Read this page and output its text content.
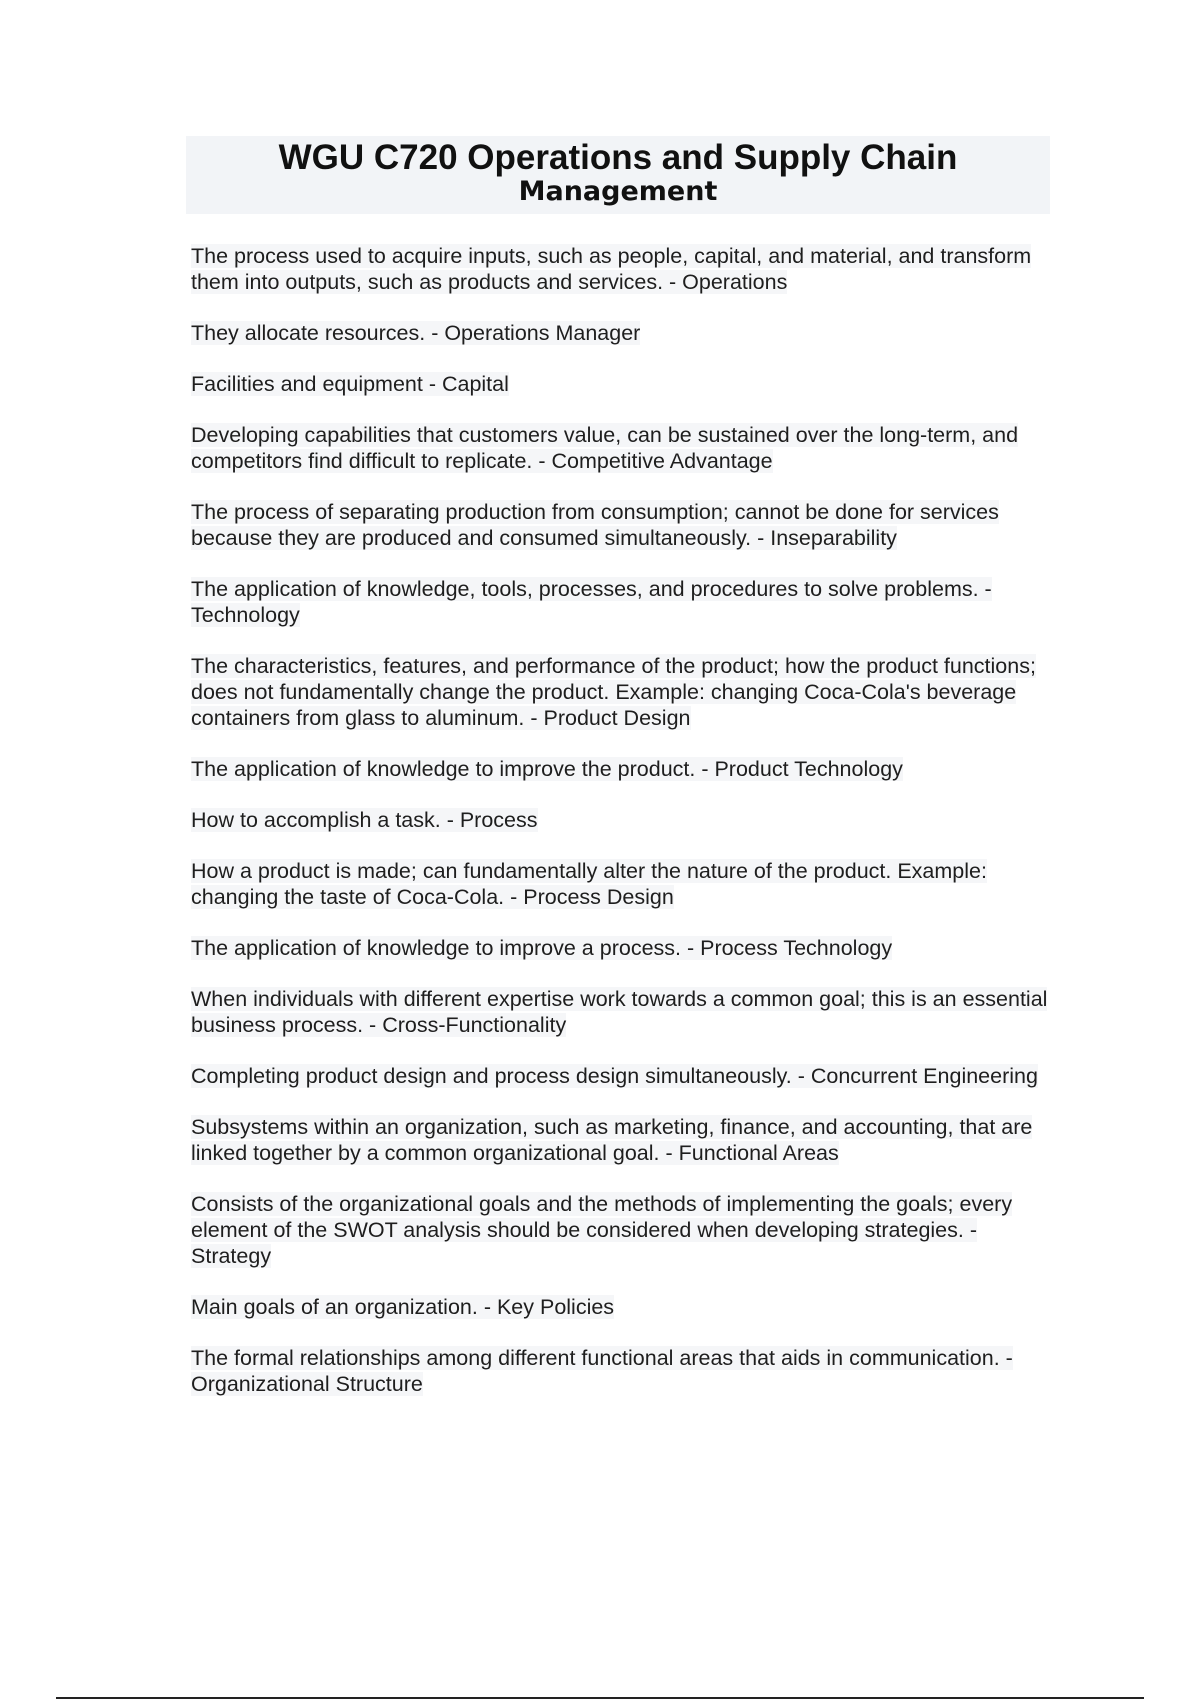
WGU C720 Operations and Supply Chain
Management

The process used to acquire inputs, such as people, capital, and material, and transform them into outputs, such as products and services. - Operations

They allocate resources. - Operations Manager

Facilities and equipment - Capital

Developing capabilities that customers value, can be sustained over the long-term, and competitors find difficult to replicate. - Competitive Advantage

The process of separating production from consumption; cannot be done for services because they are produced and consumed simultaneously. - Inseparability

The application of knowledge, tools, processes, and procedures to solve problems. - Technology

The characteristics, features, and performance of the product; how the product functions; does not fundamentally change the product. Example: changing Coca-Cola's beverage containers from glass to aluminum. - Product Design

The application of knowledge to improve the product. - Product Technology

How to accomplish a task. - Process

How a product is made; can fundamentally alter the nature of the product. Example: changing the taste of Coca-Cola. - Process Design

The application of knowledge to improve a process. - Process Technology

When individuals with different expertise work towards a common goal; this is an essential business process. - Cross-Functionality

Completing product design and process design simultaneously. - Concurrent Engineering

Subsystems within an organization, such as marketing, finance, and accounting, that are linked together by a common organizational goal. - Functional Areas

Consists of the organizational goals and the methods of implementing the goals; every element of the SWOT analysis should be considered when developing strategies. - Strategy

Main goals of an organization. - Key Policies

The formal relationships among different functional areas that aids in communication. - Organizational Structure
